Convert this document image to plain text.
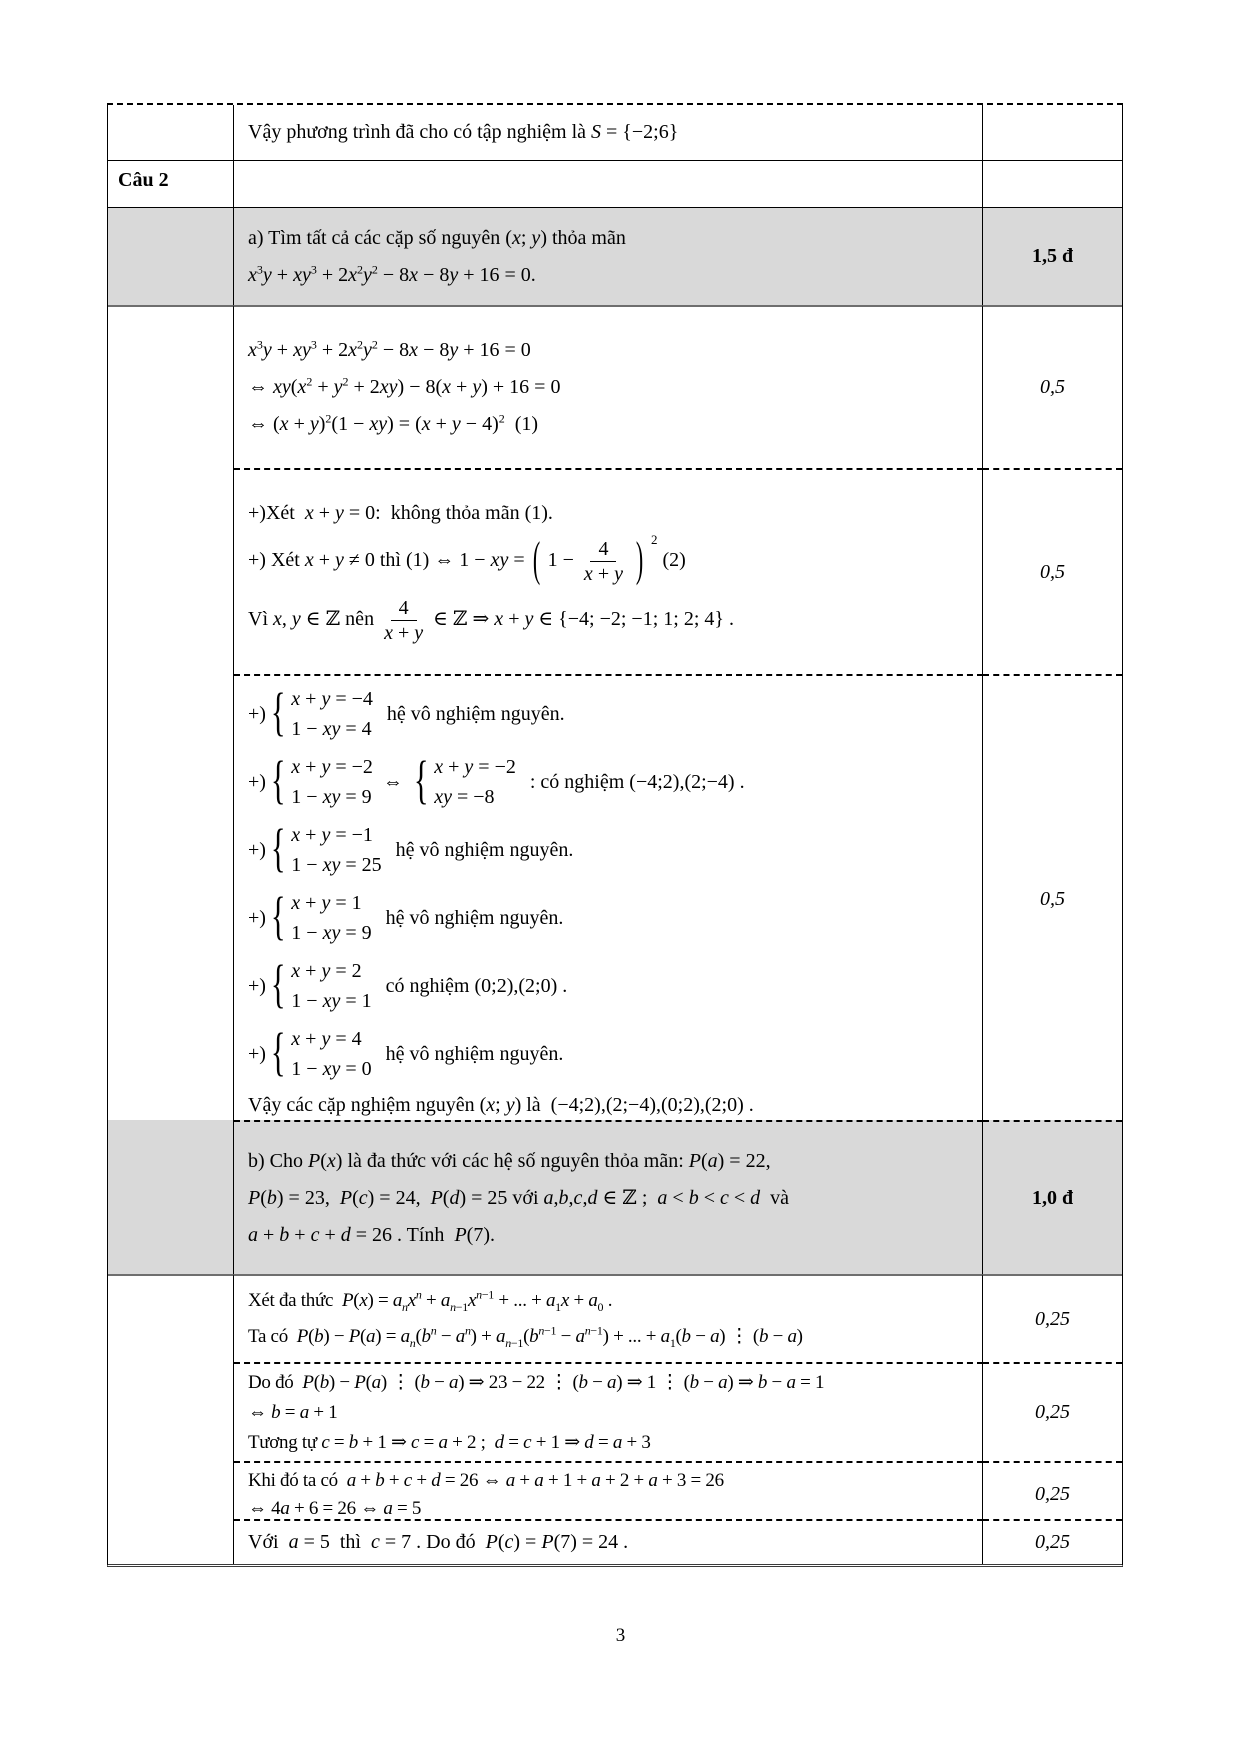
Vậy phương trình đã cho có tập nghiệm là S = {−2;6}
Câu 2
a) Tìm tất cả các cặp số nguyên (x; y) thỏa mãn
$x^3y + xy^3 + 2x^2y^2 - 8x - 8y + 16 = 0$.
1,5 đ
$x^3y + xy^3 + 2x^2y^2 - 8x - 8y + 16 = 0$
⇔ $xy(x^2 + y^2 + 2xy) - 8(x + y) + 16 = 0$
⇔ $(x + y)^2(1 - xy) = (x + y - 4)^2$  (1)
0,5
+)Xét  x + y = 0:  không thỏa mãn (1).
+) Xét x + y ≠ 0 thì (1) ⇔ 1 − xy = ( $1 - \frac{4}{x + y}$ ) $^2$ (2)
Vì x, y ∈ ℤ nên $\frac{4}{x + y}$ ∈ ℤ ⇒ x + y ∈ {−4; −2; −1; 1; 2; 4} .
0,5
+) { x + y = −4
1 − xy = 4
hệ vô nghiệm nguyên.
+) { x + y = −2
1 − xy = 9
⇔ { x + y = −2
xy = −8
: có nghiệm (−4;2),(2;−4) .
+) { x + y = −1
1 − xy = 25
hệ vô nghiệm nguyên.
+) { x + y = 1
1 − xy = 9
hệ vô nghiệm nguyên.
+) { x + y = 2
1 − xy = 1
có nghiệm (0;2),(2;0) .
+) { x + y = 4
1 − xy = 0
hệ vô nghiệm nguyên.
Vậy các cặp nghiệm nguyên (x; y) là  (−4;2),(2;−4),(0;2),(2;0) .
0,5
b) Cho P(x) là đa thức với các hệ số nguyên thỏa mãn: P(a) = 22,
P(b) = 23,  P(c) = 24,  P(d) = 25 với a,b,c,d ∈ ℤ ;  a < b < c < d  và
a + b + c + d = 26 . Tính  P(7).
1,0 đ
Xét đa thức  $P(x) = a_nx^n + a_{n-1}x^{n-1}$ + ... + $a_1x + a_0$ .
Ta có  $P(b) - P(a) = a_n(b^n - a^n) + a_{n-1}(b^{n-1} - a^{n-1})$ + ... + $a_1(b - a)$ ⋮ (b − a)
0,25
Do đó  P(b) − P(a) ⋮ (b − a) ⇒ 23 − 22 ⋮ (b − a) ⇒ 1 ⋮ (b − a) ⇒ b − a = 1
⇔ b = a + 1
Tương tự c = b + 1 ⇒ c = a + 2 ;  d = c + 1 ⇒ d = a + 3
0,25
Khi đó ta có  a + b + c + d = 26 ⇔ a + a + 1 + a + 2 + a + 3 = 26
⇔ 4a + 6 = 26 ⇔ a = 5
0,25
Với  a = 5  thì  c = 7 . Do đó  P(c) = P(7) = 24 .	0,25
3
